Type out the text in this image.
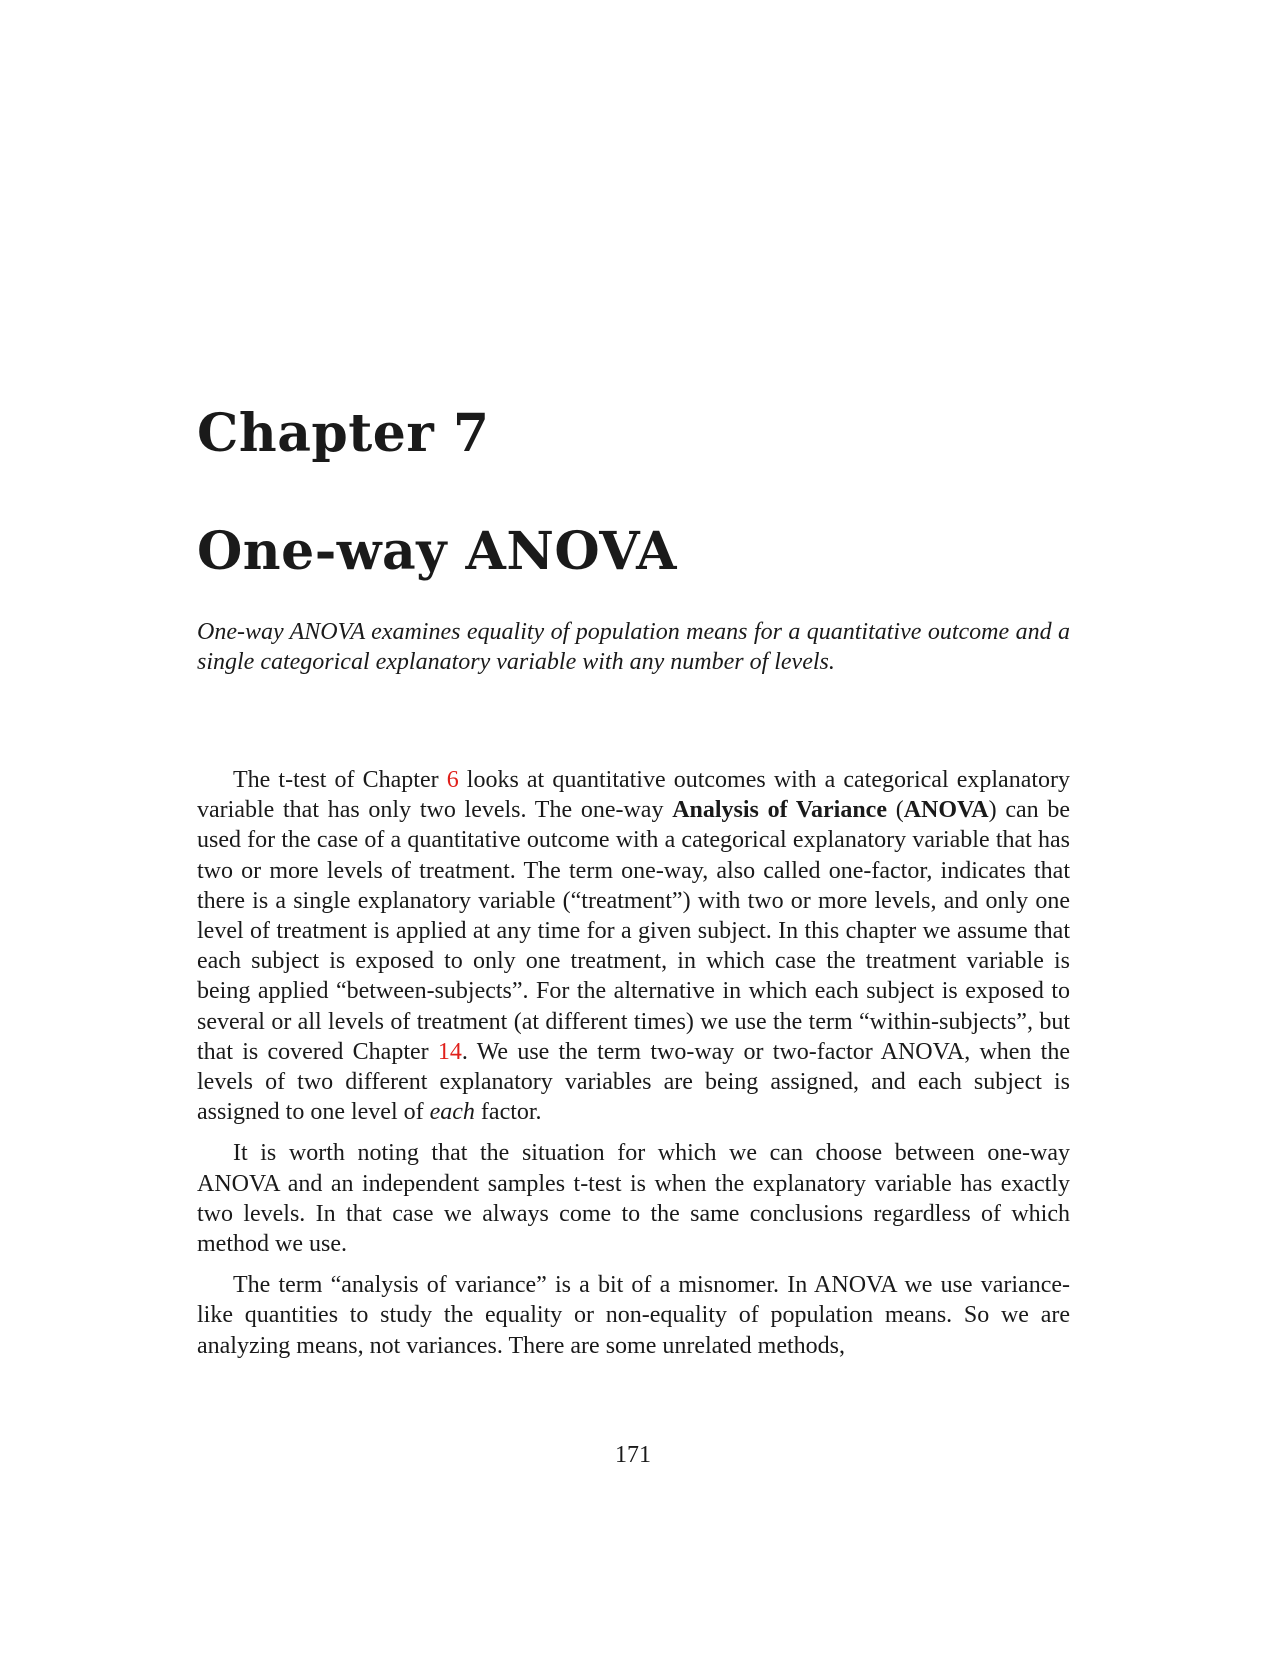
Chapter 7
One-way ANOVA

One-way ANOVA examines equality of population means for a quantitative outcome and a single categorical explanatory variable with any number of levels.

The t-test of Chapter 6 looks at quantitative outcomes with a categorical explanatory variable that has only two levels. The one-way Analysis of Variance (ANOVA) can be used for the case of a quantitative outcome with a categorical explanatory variable that has two or more levels of treatment. The term one-way, also called one-factor, indicates that there is a single explanatory variable (“treatment”) with two or more levels, and only one level of treatment is applied at any time for a given subject. In this chapter we assume that each subject is exposed to only one treatment, in which case the treatment variable is being applied “between-subjects”. For the alternative in which each subject is exposed to several or all levels of treatment (at different times) we use the term “within-subjects”, but that is covered Chapter 14. We use the term two-way or two-factor ANOVA, when the levels of two different explanatory variables are being assigned, and each subject is assigned to one level of each factor.

It is worth noting that the situation for which we can choose between one-way ANOVA and an independent samples t-test is when the explanatory variable has exactly two levels. In that case we always come to the same conclusions regardless of which method we use.

The term “analysis of variance” is a bit of a misnomer. In ANOVA we use variance-like quantities to study the equality or non-equality of population means. So we are analyzing means, not variances. There are some unrelated methods,

171
